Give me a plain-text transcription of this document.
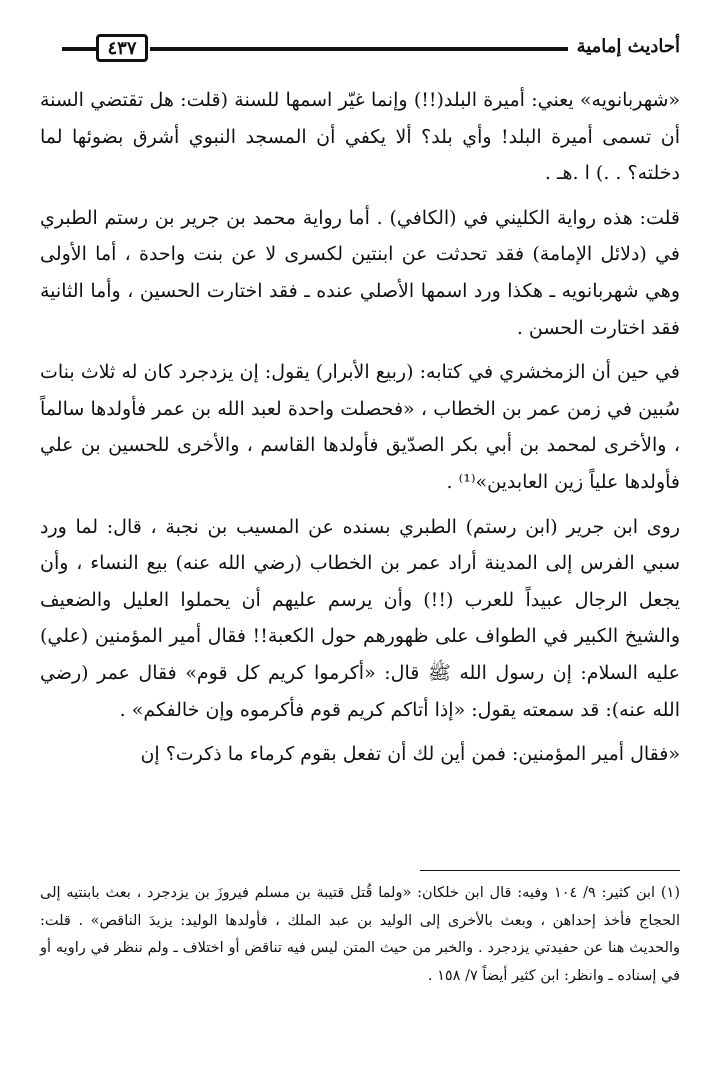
٤٣٧	أحاديث إمامية

«شهربانويه» يعني: أميرة البلد(!!) وإنما غيّر اسمها للسنة (قلت: هل تقتضي السنة أن تسمى أميرة البلد! وأي بلد؟ ألا يكفي أن المسجد النبوي أشرق بضوئها لما دخلته؟ . .) ا .هـ .

قلت: هذه رواية الكليني في (الكافي) . أما رواية محمد بن جرير بن رستم الطبري في (دلائل الإمامة) فقد تحدثت عن ابنتين لكسرى لا عن بنت واحدة ، أما الأولى وهي شهربانويه ـ هكذا ورد اسمها الأصلي عنده ـ فقد اختارت الحسين ، وأما الثانية فقد اختارت الحسن .

في حين أن الزمخشري في كتابه: (ربيع الأبرار) يقول: إن يزدجرد كان له ثلاث بنات سُبين في زمن عمر بن الخطاب ، «فحصلت واحدة لعبد الله بن عمر فأولدها سالماً ، والأخرى لمحمد بن أبي بكر الصدّيق فأولدها القاسم ، والأخرى للحسين بن علي فأولدها علياً زين العابدين»⁽¹⁾ .

روى ابن جرير (ابن رستم) الطبري بسنده عن المسيب بن نجبة ، قال: لما ورد سبي الفرس إلى المدينة أراد عمر بن الخطاب (رضي الله عنه) بيع النساء ، وأن يجعل الرجال عبيداً للعرب (!!) وأن يرسم عليهم أن يحملوا العليل والضعيف والشيخ الكبير في الطواف على ظهورهم حول الكعبة!! فقال أمير المؤمنين (علي) عليه السلام: إن رسول الله ﷺ قال: «أكرموا كريم كل قوم» فقال عمر (رضي الله عنه): قد سمعته يقول: «إذا أتاكم كريم قوم فأكرموه وإن خالفكم» .

«فقال أمير المؤمنين: فمن أين لك أن تفعل بقوم كرماء ما ذكرت؟ إن

(١) ابن كثير: ٩/ ١٠٤ وفيه: قال ابن خلكان: «ولما قُتل قتيبة بن مسلم فيروزَ بن يزدجرد ، بعث بابنتيه إلى الحجاج فأخذ إحداهن ، وبعث بالأخرى إلى الوليد بن عبد الملك ، فأولدها الوليد: يزيدَ الناقص» . قلت: والحديث هنا عن حفيدتي يزدجرد . والخبر من حيث المتن ليس فيه تناقض أو اختلاف ـ ولم ننظر في راويه أو في إسناده ـ وانظر: ابن كثير أيضاً ٧/ ١٥٨ .
